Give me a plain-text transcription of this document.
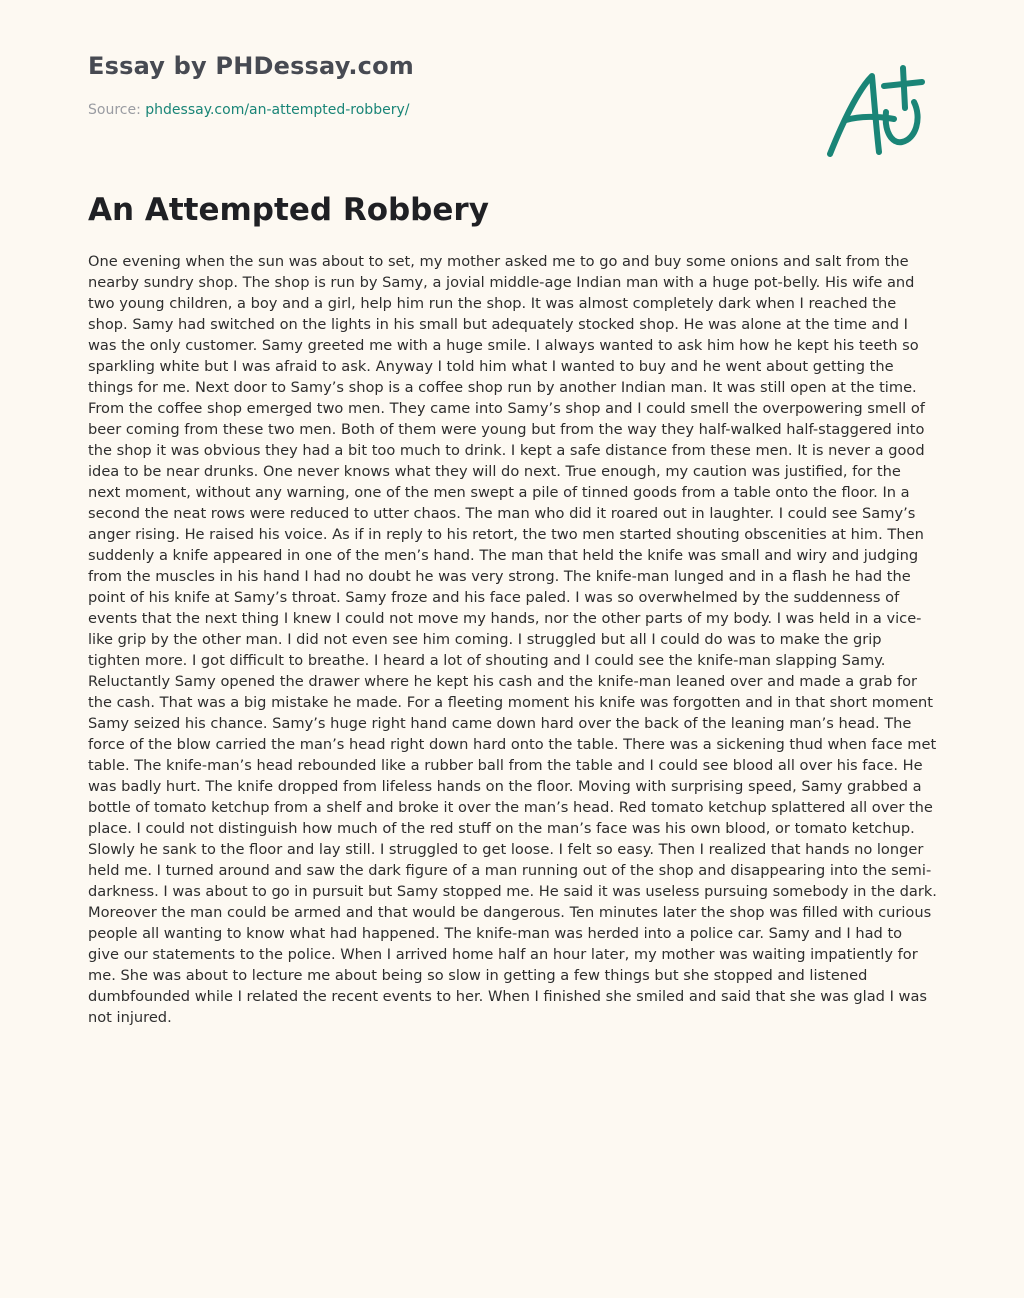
Essay by PHDessay.com
Source: phdessay.com/an-attempted-robbery/
An Attempted Robbery

One evening when the sun was about to set, my mother asked me to go and buy some onions and salt from the nearby sundry shop. The shop is run by Samy, a jovial middle-age Indian man with a huge pot-belly. His wife and two young children, a boy and a girl, help him run the shop. It was almost completely dark when I reached the shop. Samy had switched on the lights in his small but adequately stocked shop. He was alone at the time and I was the only customer. Samy greeted me with a huge smile. I always wanted to ask him how he kept his teeth so sparkling white but I was afraid to ask. Anyway I told him what I wanted to buy and he went about getting the things for me. Next door to Samy’s shop is a coffee shop run by another Indian man. It was still open at the time. From the coffee shop emerged two men. They came into Samy’s shop and I could smell the overpowering smell of beer coming from these two men. Both of them were young but from the way they half-walked half-staggered into the shop it was obvious they had a bit too much to drink. I kept a safe distance from these men. It is never a good idea to be near drunks. One never knows what they will do next. True enough, my caution was justified, for the next moment, without any warning, one of the men swept a pile of tinned goods from a table onto the floor. In a second the neat rows were reduced to utter chaos. The man who did it roared out in laughter. I could see Samy’s anger rising. He raised his voice. As if in reply to his retort, the two men started shouting obscenities at him. Then suddenly a knife appeared in one of the men’s hand. The man that held the knife was small and wiry and judging from the muscles in his hand I had no doubt he was very strong. The knife-man lunged and in a flash he had the point of his knife at Samy’s throat. Samy froze and his face paled. I was so overwhelmed by the suddenness of events that the next thing I knew I could not move my hands, nor the other parts of my body. I was held in a vice-like grip by the other man. I did not even see him coming. I struggled but all I could do was to make the grip tighten more. I got difficult to breathe. I heard a lot of shouting and I could see the knife-man slapping Samy. Reluctantly Samy opened the drawer where he kept his cash and the knife-man leaned over and made a grab for the cash. That was a big mistake he made. For a fleeting moment his knife was forgotten and in that short moment Samy seized his chance. Samy’s huge right hand came down hard over the back of the leaning man’s head. The force of the blow carried the man’s head right down hard onto the table. There was a sickening thud when face met table. The knife-man’s head rebounded like a rubber ball from the table and I could see blood all over his face. He was badly hurt. The knife dropped from lifeless hands on the floor. Moving with surprising speed, Samy grabbed a bottle of tomato ketchup from a shelf and broke it over the man’s head. Red tomato ketchup splattered all over the place. I could not distinguish how much of the red stuff on the man’s face was his own blood, or tomato ketchup. Slowly he sank to the floor and lay still. I struggled to get loose. I felt so easy. Then I realized that hands no longer held me. I turned around and saw the dark figure of a man running out of the shop and disappearing into the semi-darkness. I was about to go in pursuit but Samy stopped me. He said it was useless pursuing somebody in the dark. Moreover the man could be armed and that would be dangerous. Ten minutes later the shop was filled with curious people all wanting to know what had happened. The knife-man was herded into a police car. Samy and I had to give our statements to the police. When I arrived home half an hour later, my mother was waiting impatiently for me. She was about to lecture me about being so slow in getting a few things but she stopped and listened dumbfounded while I related the recent events to her. When I finished she smiled and said that she was glad I was not injured.
